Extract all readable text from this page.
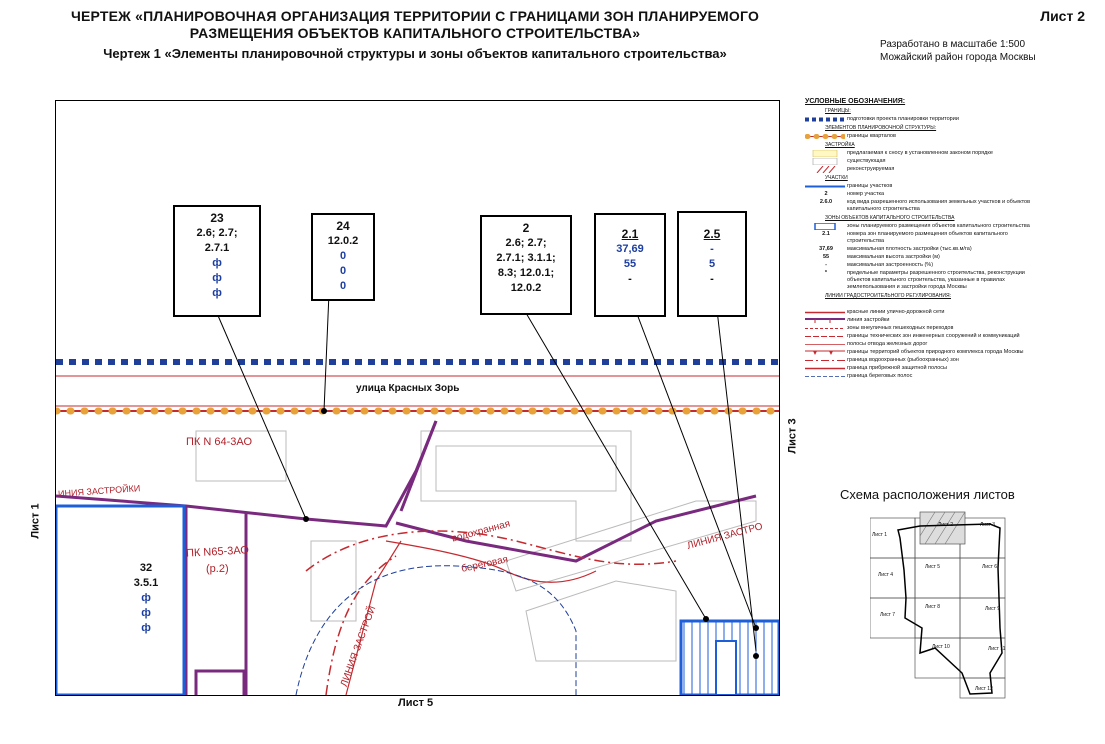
ЧЕРТЕЖ «ПЛАНИРОВОЧНАЯ ОРГАНИЗАЦИЯ ТЕРРИТОРИИ С ГРАНИЦАМИ ЗОН ПЛАНИРУЕМОГО
РАЗМЕЩЕНИЯ ОБЪЕКТОВ КАПИТАЛЬНОГО СТРОИТЕЛЬСТВА»
Чертеж 1 «Элементы планировочной структуры и зоны объектов капитального строительства»
Лист 2
Разработано в масштабе 1:500
Можайский район города Москвы
улица Красных Зорь
ПК N 64-3АО
ПК N65-3АО
(р.2)
ИНИЯ ЗАСТРОЙКИ
водохранная
береговая
ЛИНИЯ ЗАСТРО
ЛИНИЯ ЗАСТРОЙ
32
3.5.1
ф
ф
ф
23
2.6; 2.7;
2.7.1
ф
ф
ф
24
12.0.2
0
0
0
2
2.6; 2.7;
2.7.1; 3.1.1;
8.3; 12.0.1;
12.0.2
2.1
37,69
55
-
2.5
-
5
-
Лист 1
Лист 3
Лист 5
УСЛОВНЫЕ ОБОЗНАЧЕНИЯ:
ГРАНИЦЫ:
подготовки проекта планировки территории
ЭЛЕМЕНТОВ ПЛАНИРОВОЧНОЙ СТРУКТУРЫ:
границы кварталов
ЗАСТРОЙКА
предлагаемая к сносу в установленном законом порядке
существующая
реконструируемая
УЧАСТКИ
границы участков
2	номер участка
2.6.0	код вида разрешенного использования земельных участков и объектов капитального строительства
ЗОНЫ ОБЪЕКТОВ КАПИТАЛЬНОГО СТРОИТЕЛЬСТВА
зоны планируемого размещения объектов капитального строительства
2.1	номера зон планируемого размещения объектов капитального строительства
37,69	максимальная плотность застройки (тыс.кв.м/га)
55	максимальная высота застройки (м)
-	максимальная застроенность (%)
*	предельные параметры разрешенного строительства, реконструкции объектов капитального строительства, указанные в правилах землепользования и застройки города Москвы
ЛИНИИ ГРАДОСТРОИТЕЛЬНОГО РЕГУЛИРОВАНИЯ:
красные линии улично-дорожной сети
линия застройки
зоны внеуличных пешеходных переходов
границы технических зон инженерных сооружений и коммуникаций
полосы отвода железных дорог
границы территорий объектов природного комплекса города Москвы
граница водоохранных (рыбоохранных) зон
граница прибрежной защитной полосы
граница береговых полос
Схема расположения листов
Лист 1
Лист 2	Лист 3
Лист 4
Лист 5	Лист 6
Лист 7
Лист 8	Лист 9
Лист 10	Лист 11
Лист 12
